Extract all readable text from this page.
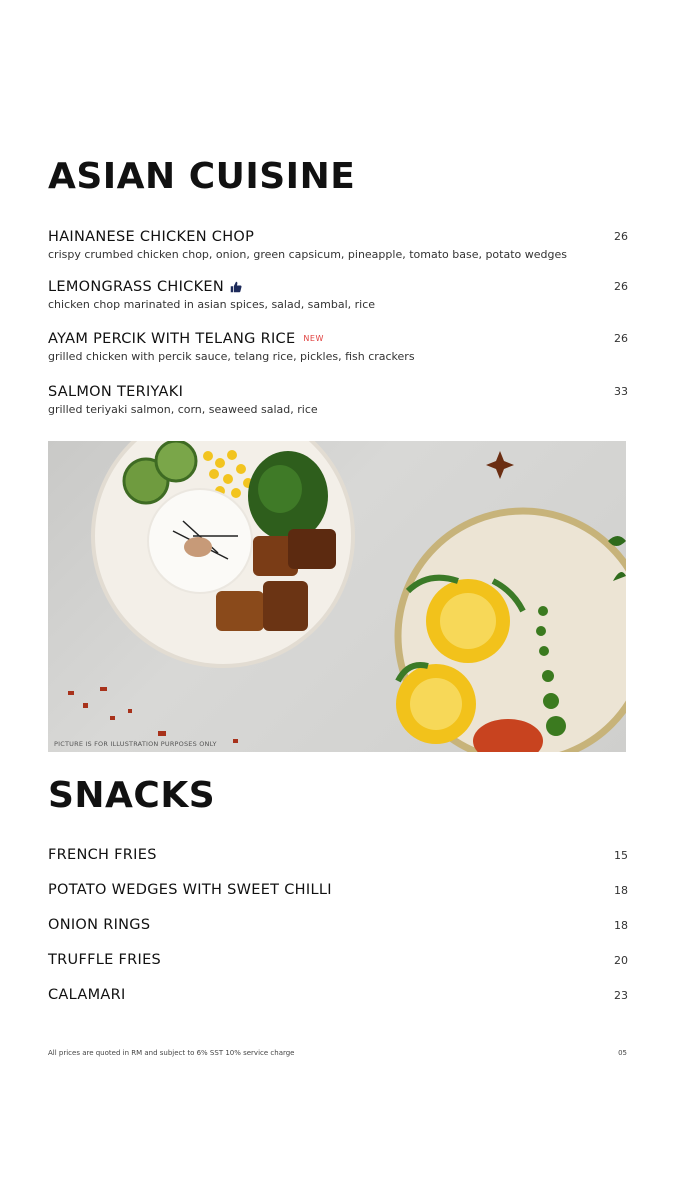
ASIAN CUISINE
HAINANESE CHICKEN CHOP
crispy crumbed chicken chop, onion, green capsicum, pineapple, tomato base, potato wedges
26
LEMONGRASS CHICKEN
chicken chop marinated in asian spices, salad, sambal, rice
26
AYAM PERCIK WITH TELANG RICE NEW
grilled chicken with percik sauce, telang rice, pickles, fish crackers
26
SALMON TERIYAKI
grilled teriyaki salmon, corn, seaweed salad, rice
33
PICTURE IS FOR ILLUSTRATION PURPOSES ONLY
SNACKS
FRENCH FRIES	15
POTATO WEDGES WITH SWEET CHILLI	18
ONION RINGS	18
TRUFFLE FRIES	20
CALAMARI	23
All prices are quoted in RM and subject to 6% SST 10% service charge	05
